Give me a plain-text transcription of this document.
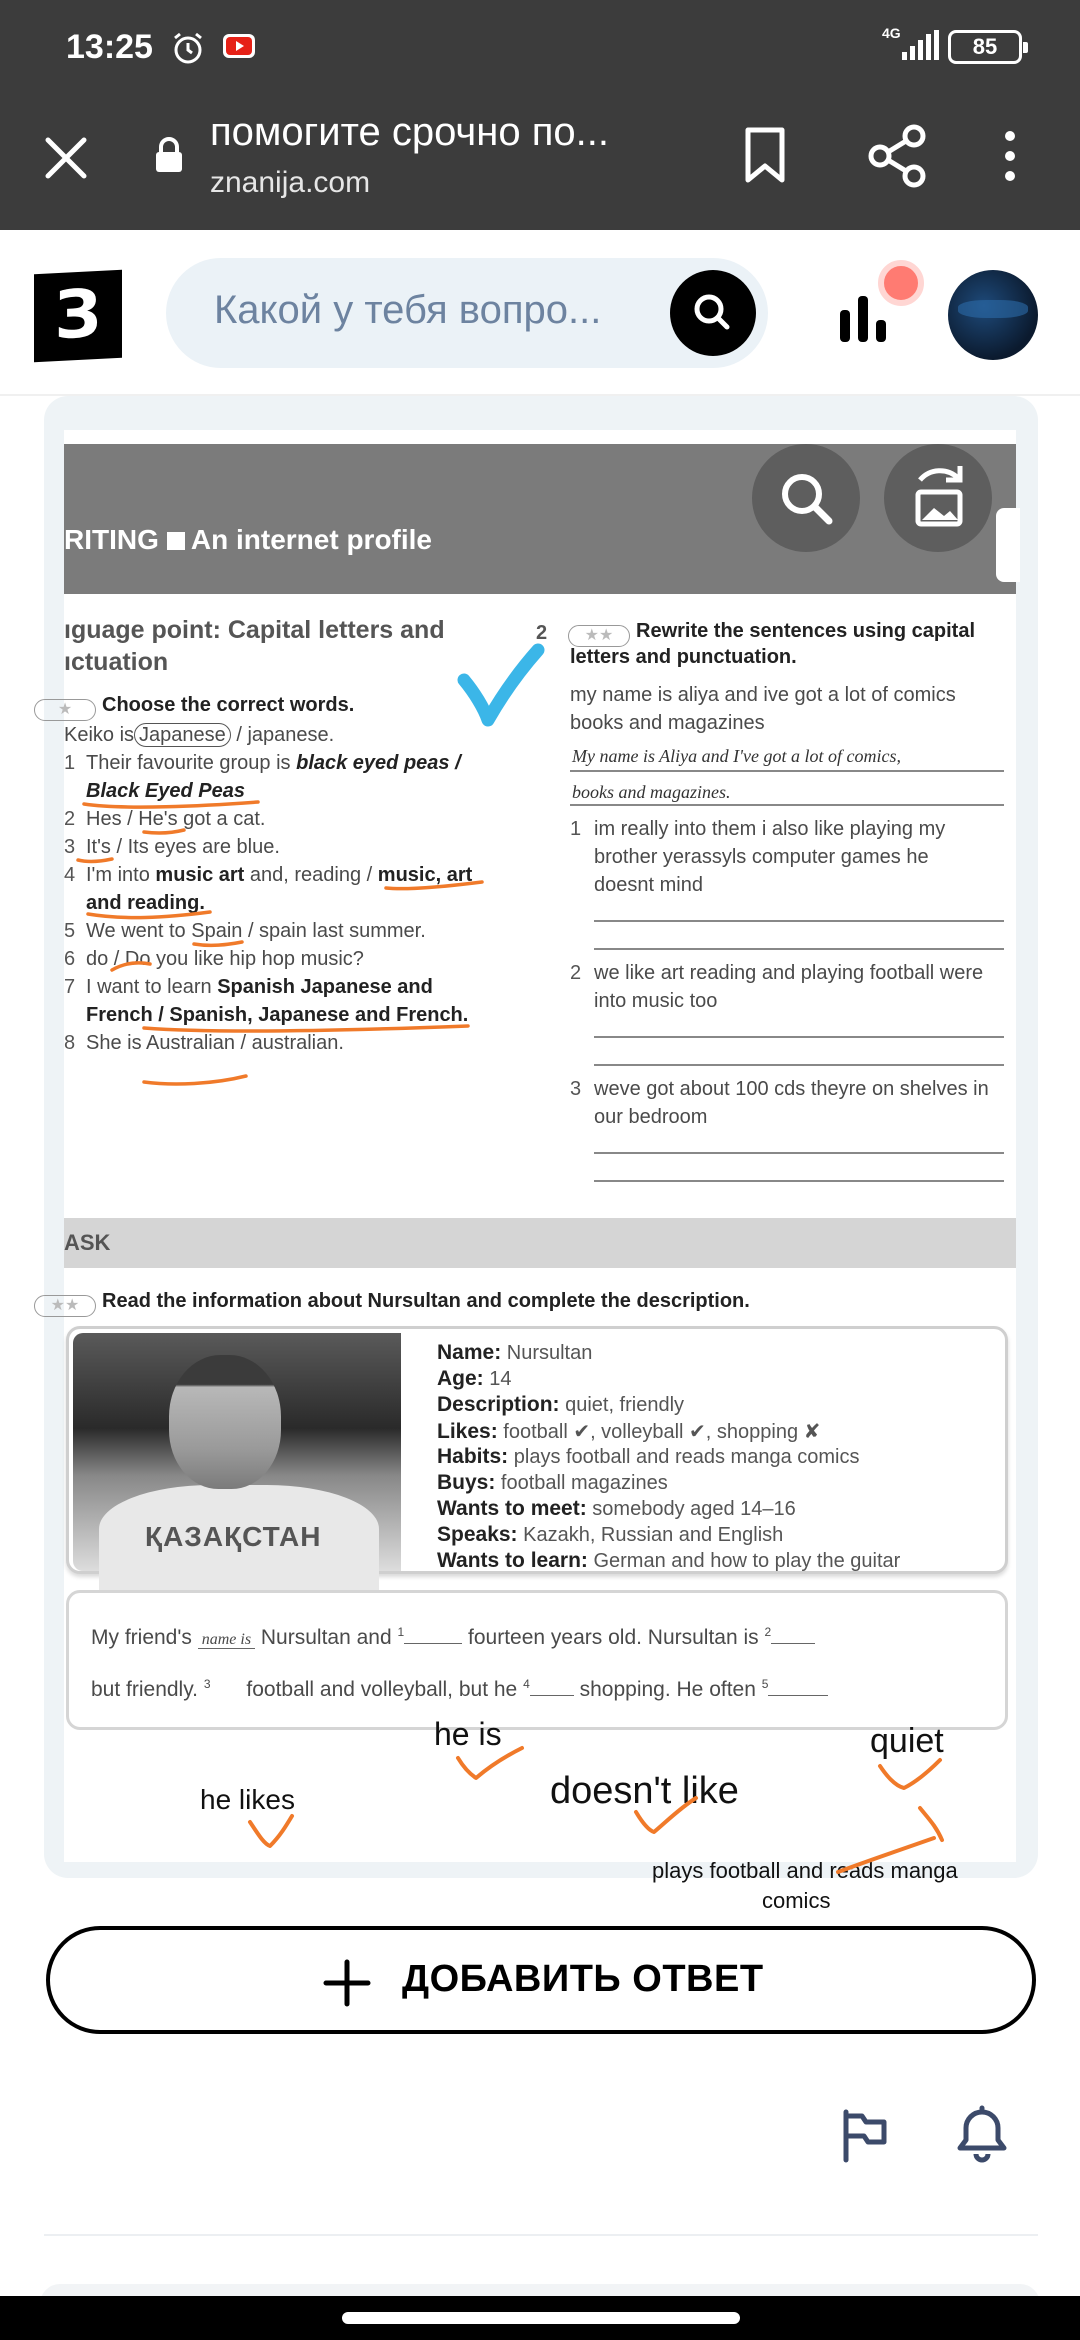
13:25	4G
85
помогите срочно по...
znanija.com
З	Какой у тебя вопро...
RITING An internet profile
ıguage point: Capital letters and
ıctuation
★ Choose the correct words.
Keiko is Japanese / japanese.
1 Their favourite group is black eyed peas /
Black Eyed Peas
2 Hes / He's got a cat.
3 It's / Its eyes are blue.
4 I'm into music art and, reading / music, art
and reading.
5 We went to Spain / spain last summer.
6 do / Do you like hip hop music?
7 I want to learn Spanish Japanese and
French / Spanish, Japanese and French.
8 She is Australian / australian.
2	★★ Rewrite the sentences using capital
letters and punctuation.
my name is aliya and ive got a lot of comics
books and magazines
My name is Aliya and I've got a lot of comics,
books and magazines.
1 im really into them i also like playing my
brother yerassyls computer games he
doesnt mind
2 we like art reading and playing football were
into music too
3 weve got about 100 cds theyre on shelves in
our bedroom
ASK
★★ Read the information about Nursultan and complete the description.
ҚАЗАҚСТАН
Name: Nursultan
Age: 14
Description: quiet, friendly
Likes: football ✔, volleyball ✔, shopping ✘
Habits: plays football and reads manga comics
Buys: football magazines
Wants to meet: somebody aged 14–16
Speaks: Kazakh, Russian and English
Wants to learn: German and how to play the guitar
My friend's name is Nursultan and $^1$	fourteen years old. Nursultan is $^2$
but friendly. $^3$ football and volleyball, but he $^4$ shopping. He often $^5$
he is	quiet
he likes	doesn't like
plays football and reads manga
comics
ДОБАВИТЬ ОТВЕТ
